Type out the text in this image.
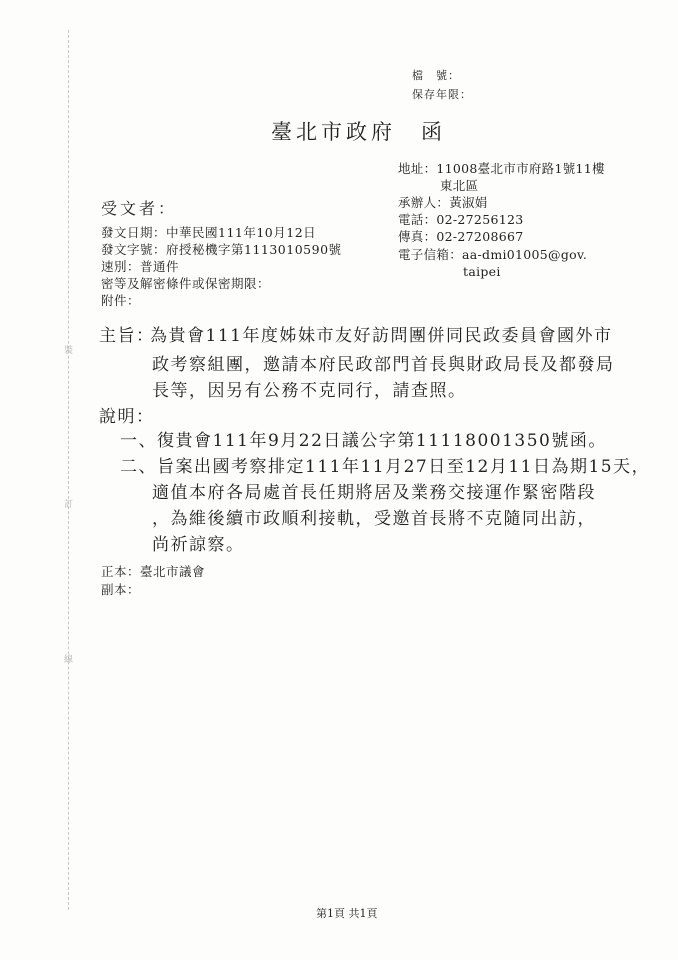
裝
訂
線
檔　號：
保存年限：
臺北市政府　函
地址：11008臺北市市府路1號11樓
東北區
承辦人：黃淑娟
電話：02-27256123
傳真：02-27208667
電子信箱：aa-dmi01005@gov.
taipei
受文者：
發文日期：中華民國111年10月12日
發文字號：府授秘機字第1113010590號
速別：普通件
密等及解密條件或保密期限：
附件：
主旨：
為貴會111年度姊妹市友好訪問團併同民政委員會國外市
政考察組團，邀請本府民政部門首長與財政局長及都發局
長等，因另有公務不克同行，請查照。
說明：
一、復貴會111年9月22日議公字第11118001350號函。
二、旨案出國考察排定111年11月27日至12月11日為期15天，
適值本府各局處首長任期將居及業務交接運作緊密階段
，為維後續市政順利接軌，受邀首長將不克隨同出訪，
尚祈諒察。
正本：臺北市議會
副本：
第1頁 共1頁
